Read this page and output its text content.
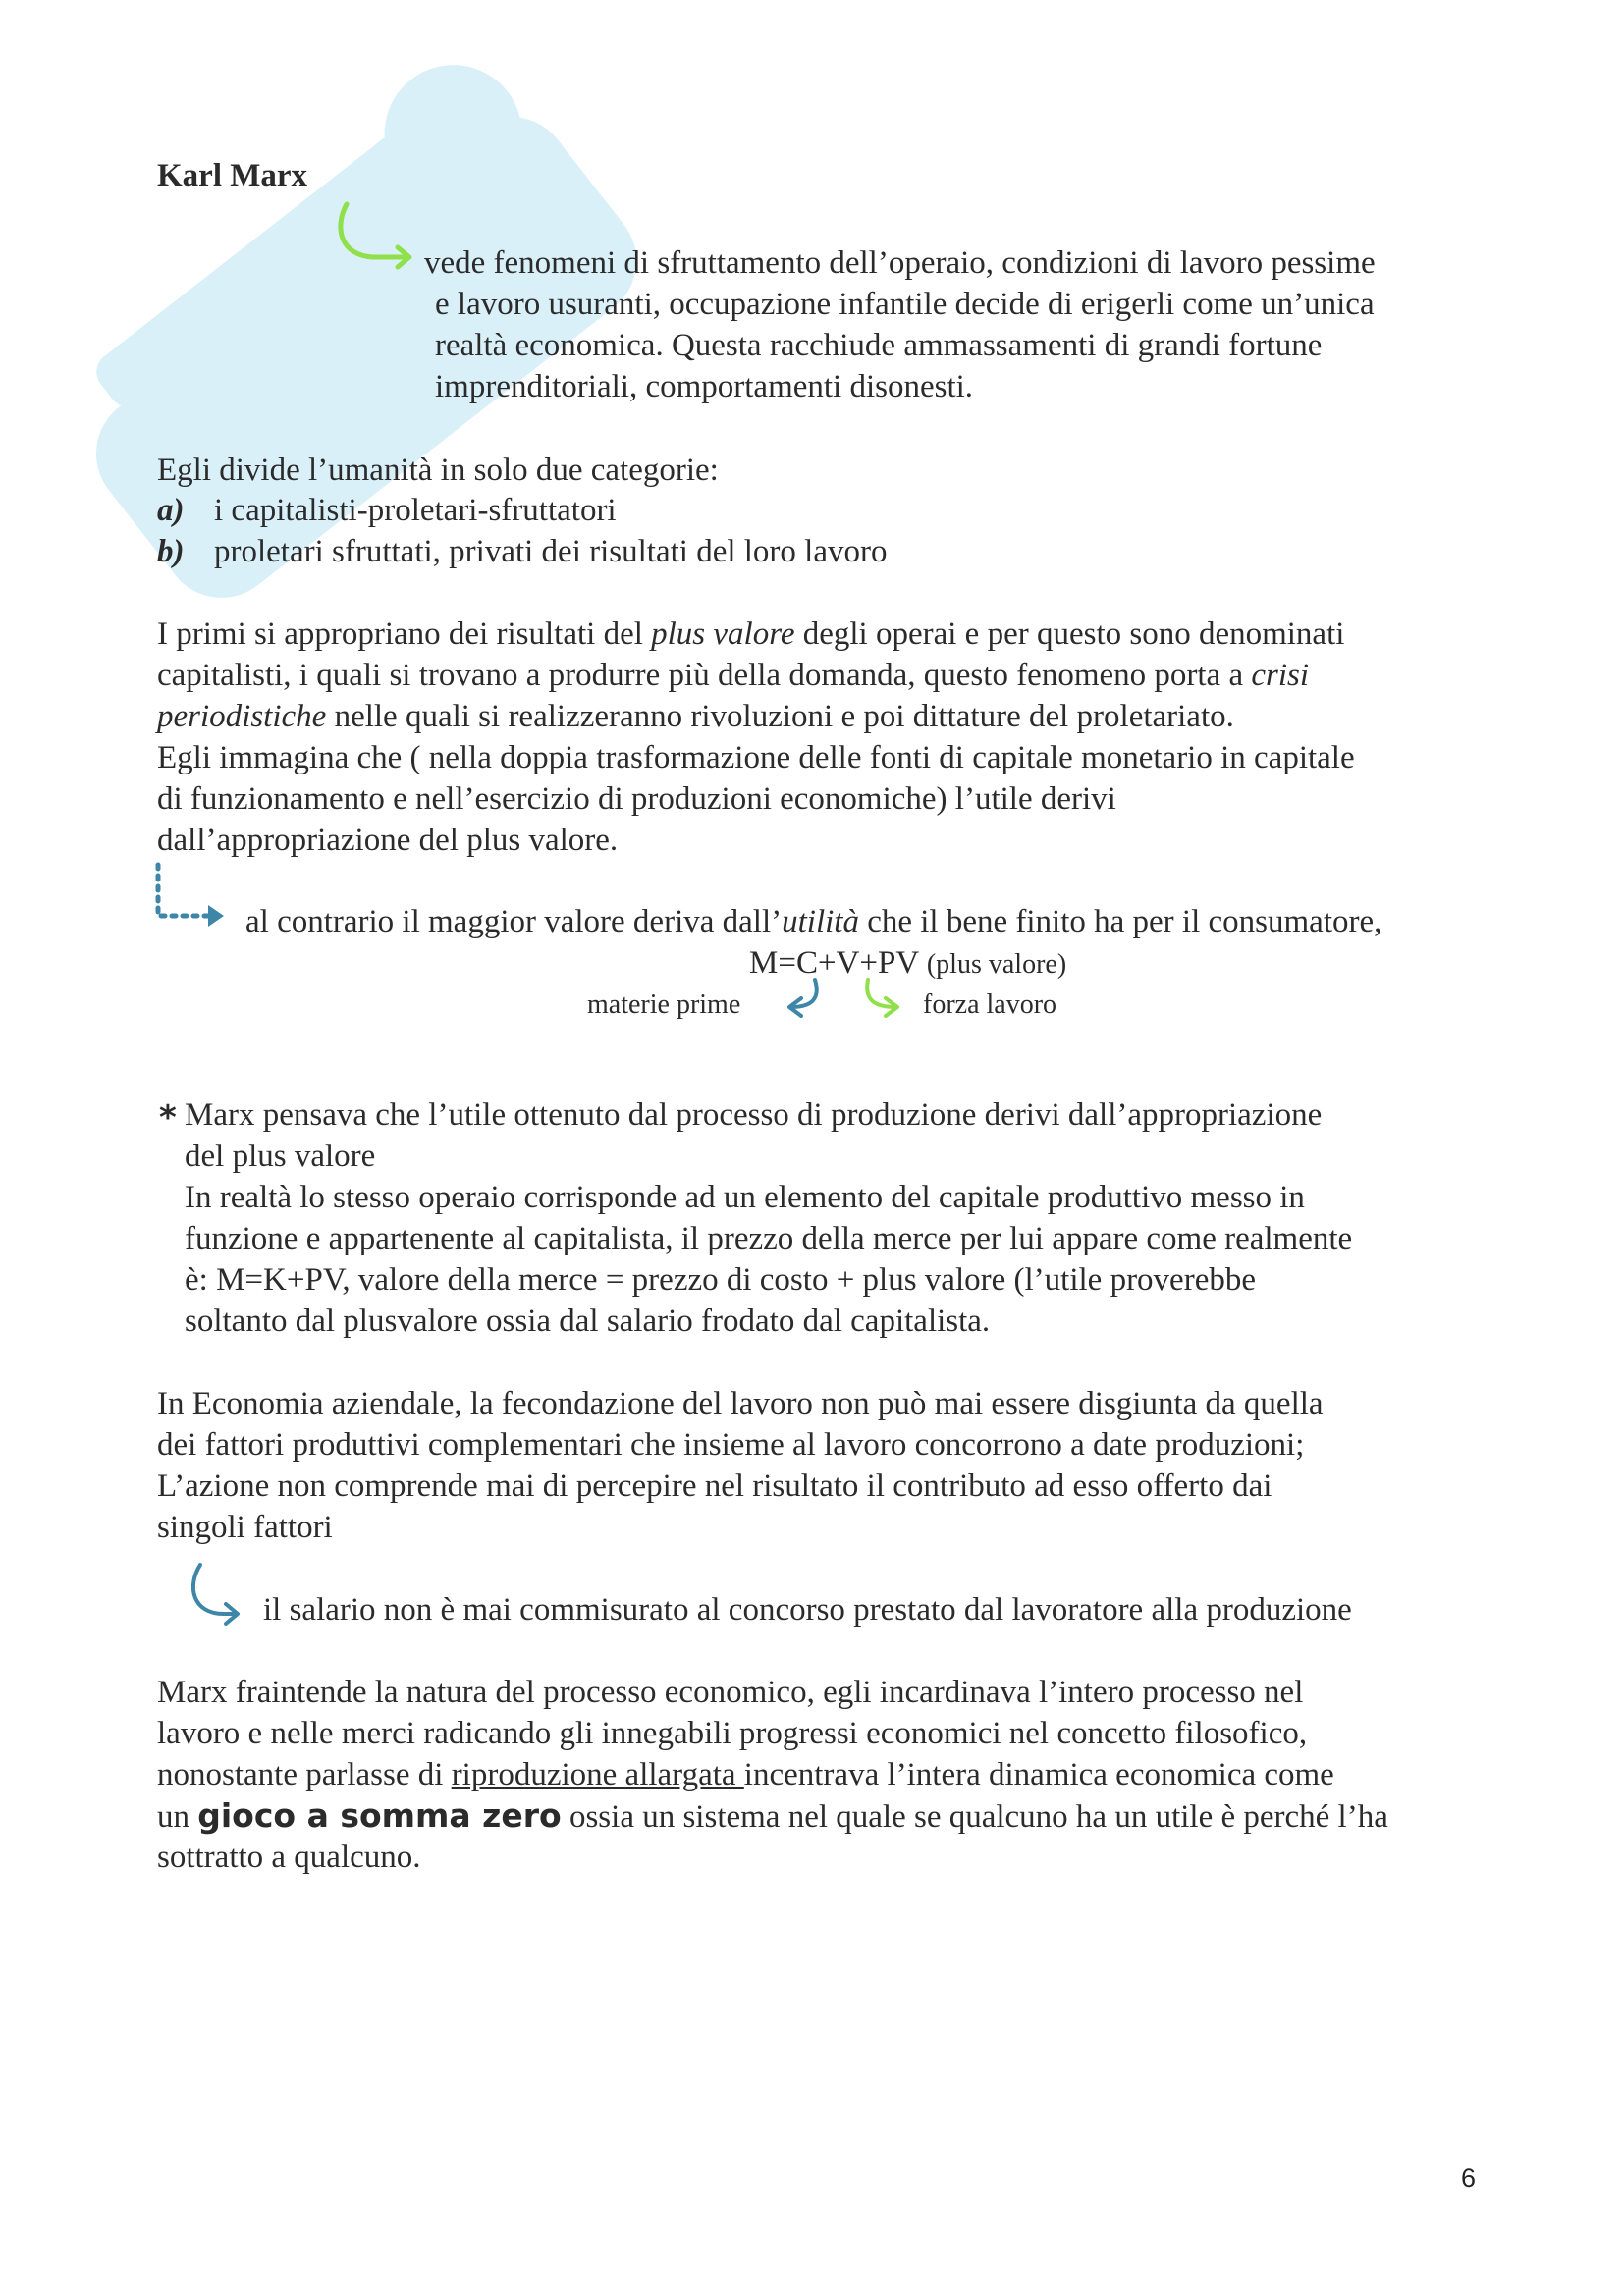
Karl Marx
vede fenomeni di sfruttamento dell’operaio, condizioni di lavoro pessime
e lavoro usuranti, occupazione infantile decide di erigerli come un’unica
realtà economica. Questa racchiude ammassamenti di grandi fortune
imprenditoriali, comportamenti disonesti.
Egli divide l’umanità in solo due categorie:
a) i capitalisti-proletari-sfruttatori
b) proletari sfruttati, privati dei risultati del loro lavoro
I primi si appropriano dei risultati del plus valore degli operai e per questo sono denominati
capitalisti, i quali si trovano a produrre più della domanda, questo fenomeno porta a crisi
periodistiche nelle quali si realizzeranno rivoluzioni e poi dittature del proletariato.
Egli immagina che ( nella doppia trasformazione delle fonti di capitale monetario in capitale
di funzionamento e nell’esercizio di produzioni economiche) l’utile derivi
dall’appropriazione del plus valore.
al contrario il maggior valore deriva dall’utilità che il bene finito ha per il consumatore,
M=C+V+PV (plus valore)
materie prime	forza lavoro
* Marx pensava che l’utile ottenuto dal processo di produzione derivi dall’appropriazione
del plus valore
In realtà lo stesso operaio corrisponde ad un elemento del capitale produttivo messo in
funzione e appartenente al capitalista, il prezzo della merce per lui appare come realmente
è: M=K+PV, valore della merce = prezzo di costo + plus valore (l’utile proverebbe
soltanto dal plusvalore ossia dal salario frodato dal capitalista.
In Economia aziendale, la fecondazione del lavoro non può mai essere disgiunta da quella
dei fattori produttivi complementari che insieme al lavoro concorrono a date produzioni;
L’azione non comprende mai di percepire nel risultato il contributo ad esso offerto dai
singoli fattori
il salario non è mai commisurato al concorso prestato dal lavoratore alla produzione
Marx fraintende la natura del processo economico, egli incardinava l’intero processo nel
lavoro e nelle merci radicando gli innegabili progressi economici nel concetto filosofico,
nonostante parlasse di riproduzione allargata incentrava l’intera dinamica economica come
un gioco a somma zero ossia un sistema nel quale se qualcuno ha un utile è perché l’ha
sottratto a qualcuno.
6
